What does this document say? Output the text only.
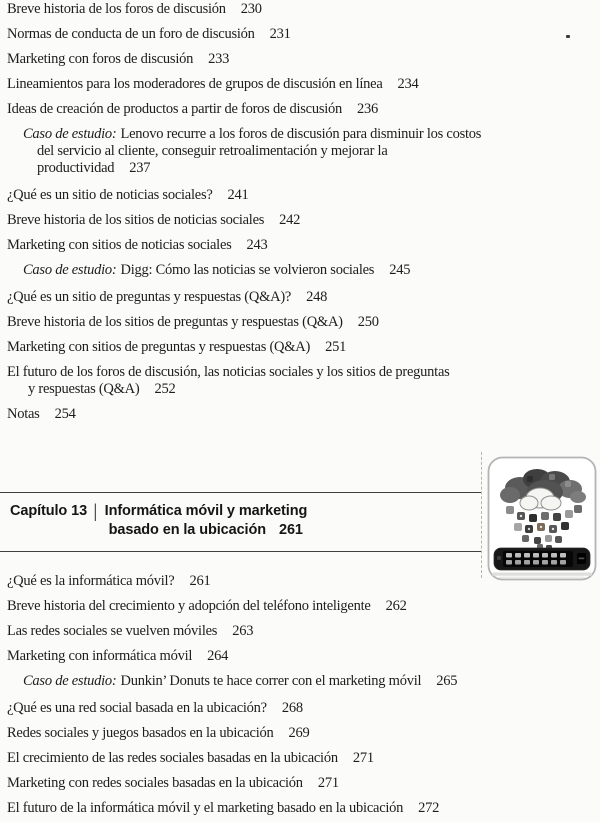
Breve historia de los foros de discusión 230
Normas de conducta de un foro de discusión 231
Marketing con foros de discusión 233
Lineamientos para los moderadores de grupos de discusión en línea 234
Ideas de creación de productos a partir de foros de discusión 236
Caso de estudio: Lenovo recurre a los foros de discusión para disminuir los costos
del servicio al cliente, conseguir retroalimentación y mejorar la
productividad 237
¿Qué es un sitio de noticias sociales? 241
Breve historia de los sitios de noticias sociales 242
Marketing con sitios de noticias sociales 243
Caso de estudio: Digg: Cómo las noticias se volvieron sociales 245
¿Qué es un sitio de preguntas y respuestas (Q&A)? 248
Breve historia de los sitios de preguntas y respuestas (Q&A) 250
Marketing con sitios de preguntas y respuestas (Q&A) 251
El futuro de los foros de discusión, las noticias sociales y los sitios de preguntas
y respuestas (Q&A) 252
Notas 254
Capítulo 13 | Informática móvil y marketing
basado en la ubicación 261
¿Qué es la informática móvil? 261
Breve historia del crecimiento y adopción del teléfono inteligente 262
Las redes sociales se vuelven móviles 263
Marketing con informática móvil 264
Caso de estudio: Dunkin’ Donuts te hace correr con el marketing móvil 265
¿Qué es una red social basada en la ubicación? 268
Redes sociales y juegos basados en la ubicación 269
El crecimiento de las redes sociales basadas en la ubicación 271
Marketing con redes sociales basadas en la ubicación 271
El futuro de la informática móvil y el marketing basado en la ubicación 272
